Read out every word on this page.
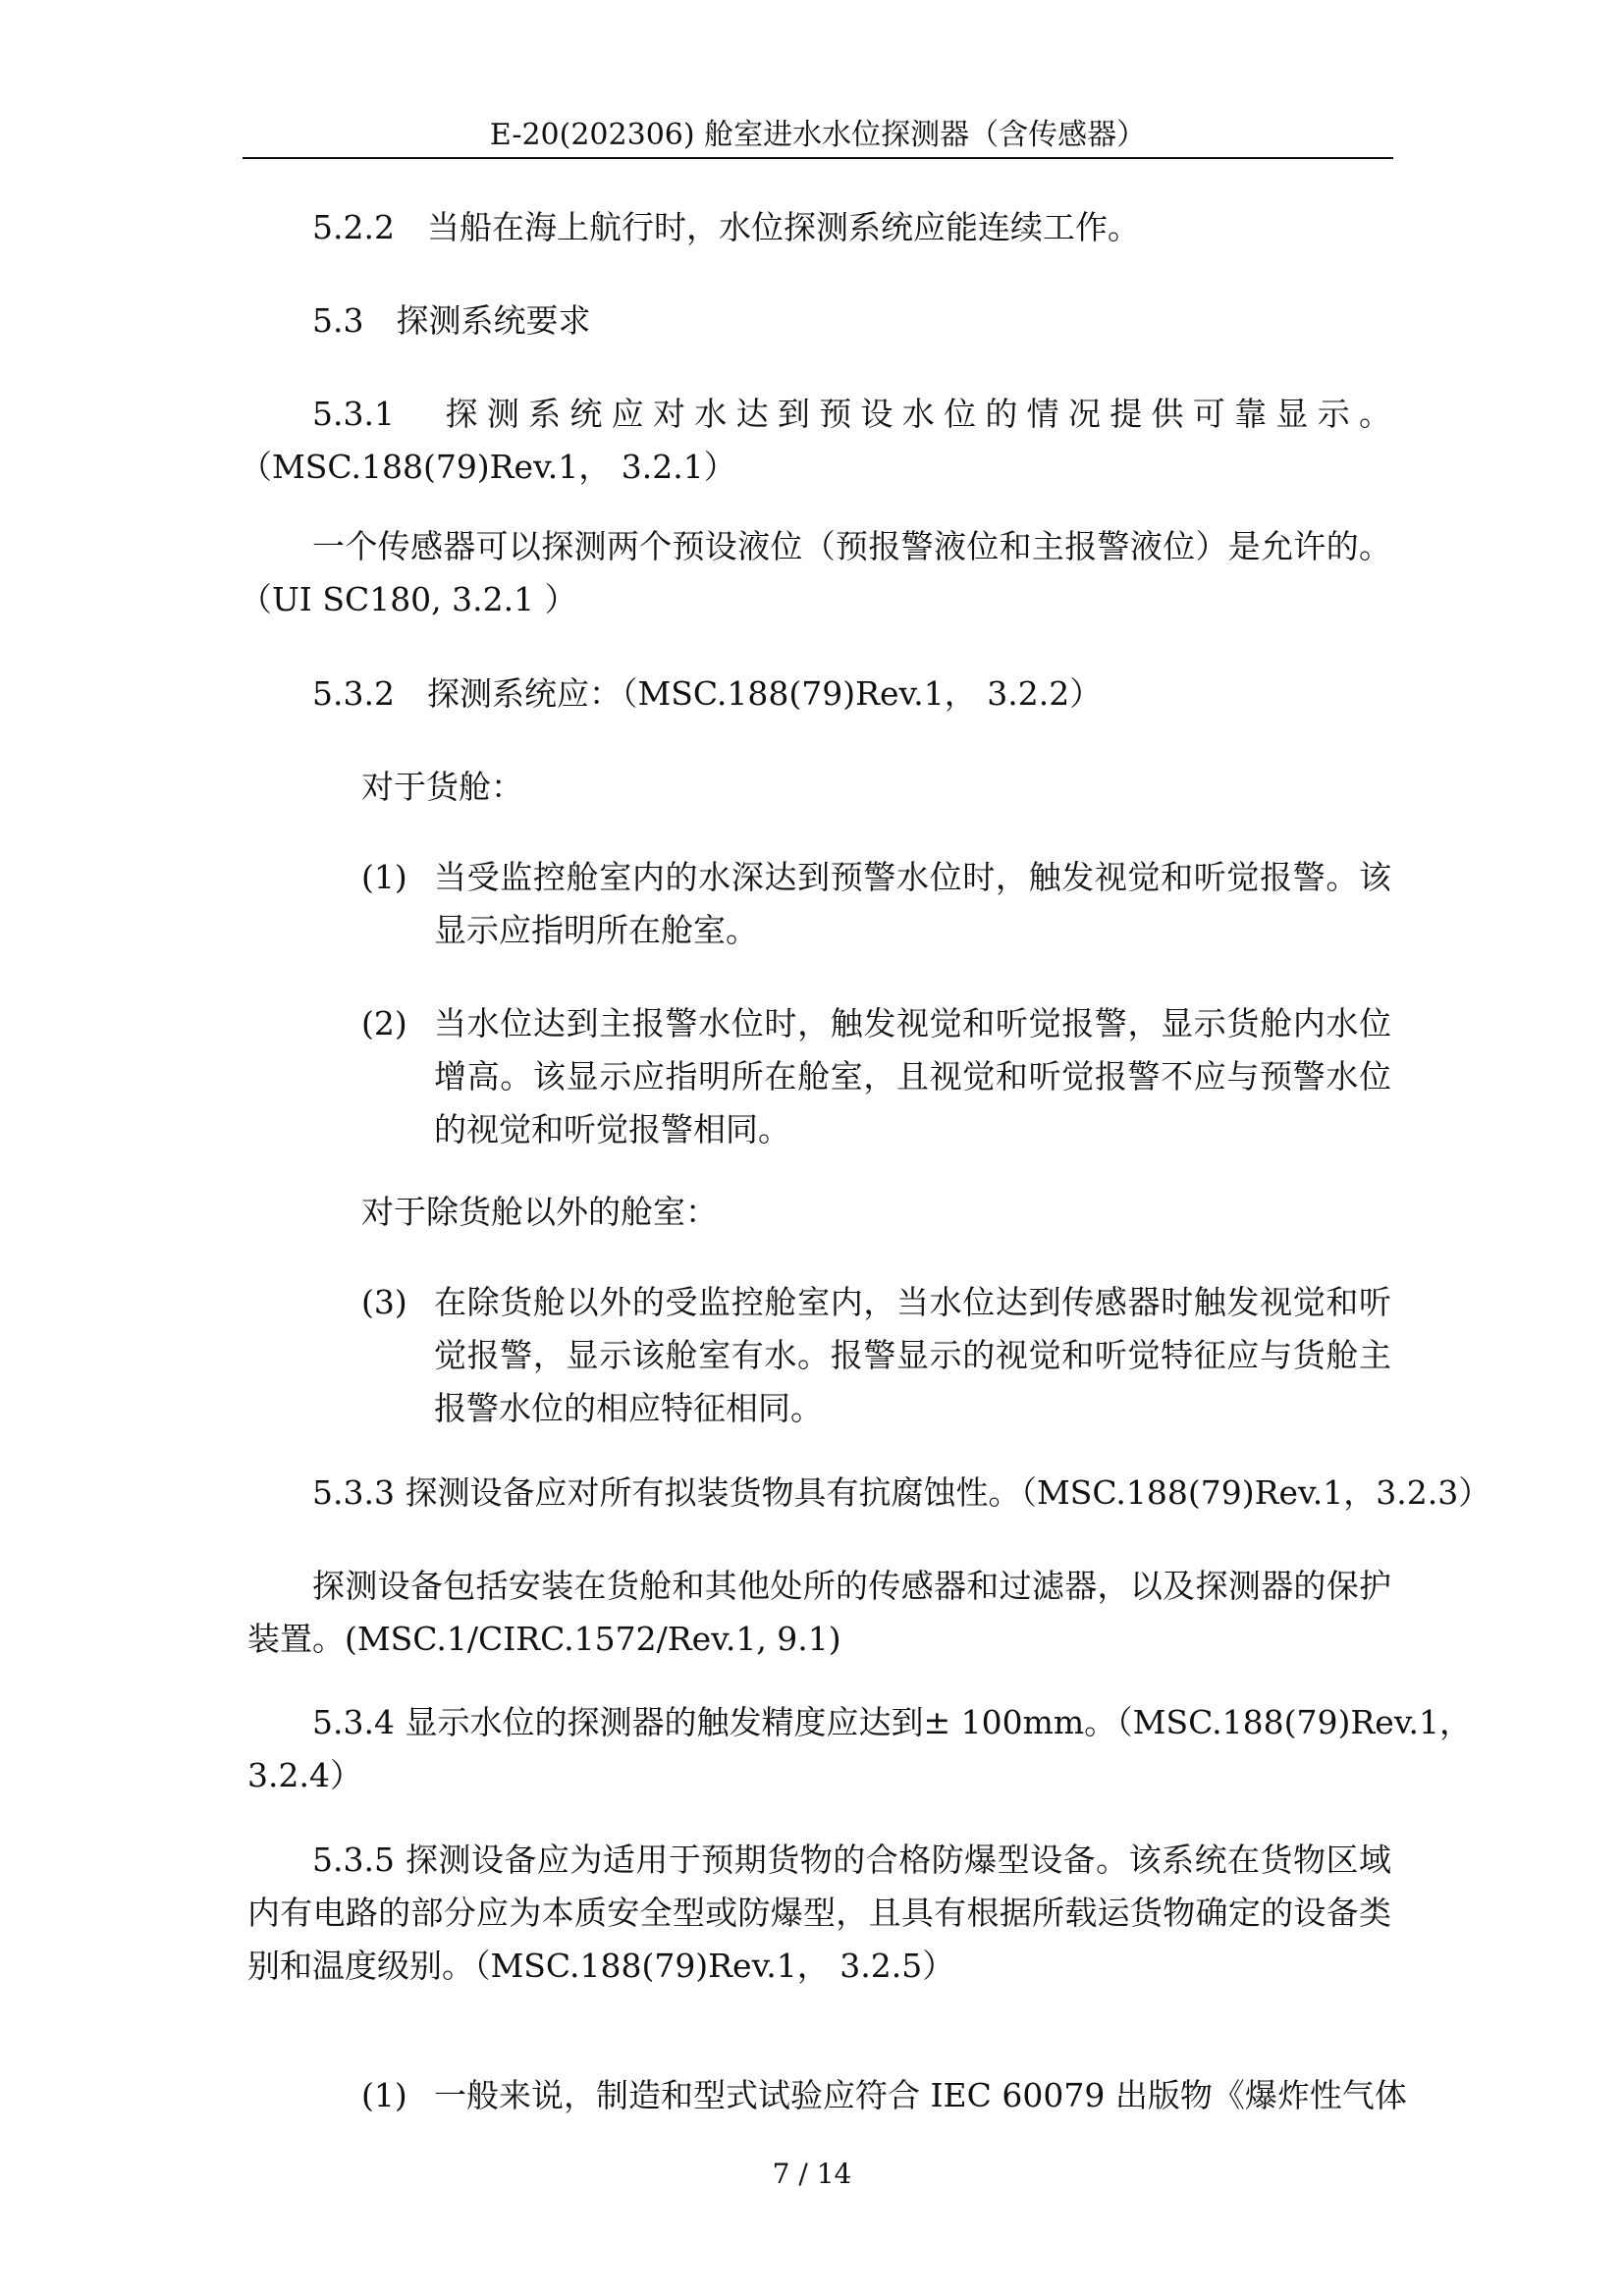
E-20(202306) 舱室进水水位探测器（含传感器）
5.2.2　当船在海上航行时，水位探测系统应能连续工作。
5.3　探测系统要求
5.3.1　探测系统应对水达到预设水位的情况提供可靠显示。
（MSC.188(79)Rev.1， 3.2.1）
一个传感器可以探测两个预设液位（预报警液位和主报警液位）是允许的。
（UI SC180, 3.2.1 ）
5.3.2　探测系统应：（MSC.188(79)Rev.1， 3.2.2）
对于货舱：
(1) 当受监控舱室内的水深达到预警水位时，触发视觉和听觉报警。该
显示应指明所在舱室。
(2) 当水位达到主报警水位时，触发视觉和听觉报警，显示货舱内水位
增高。该显示应指明所在舱室，且视觉和听觉报警不应与预警水位
的视觉和听觉报警相同。
对于除货舱以外的舱室：
(3) 在除货舱以外的受监控舱室内，当水位达到传感器时触发视觉和听
觉报警，显示该舱室有水。报警显示的视觉和听觉特征应与货舱主
报警水位的相应特征相同。
5.3.3 探测设备应对所有拟装货物具有抗腐蚀性。（MSC.188(79)Rev.1，3.2.3）
探测设备包括安装在货舱和其他处所的传感器和过滤器，以及探测器的保护
装置。(MSC.1/CIRC.1572/Rev.1, 9.1)
5.3.4 显示水位的探测器的触发精度应达到± 100mm。（MSC.188(79)Rev.1，
3.2.4）
5.3.5 探测设备应为适用于预期货物的合格防爆型设备。该系统在货物区域
内有电路的部分应为本质安全型或防爆型，且具有根据所载运货物确定的设备类
别和温度级别。（MSC.188(79)Rev.1， 3.2.5）
(1) 一般来说，制造和型式试验应符合 IEC 60079 出版物《爆炸性气体
7 / 14
